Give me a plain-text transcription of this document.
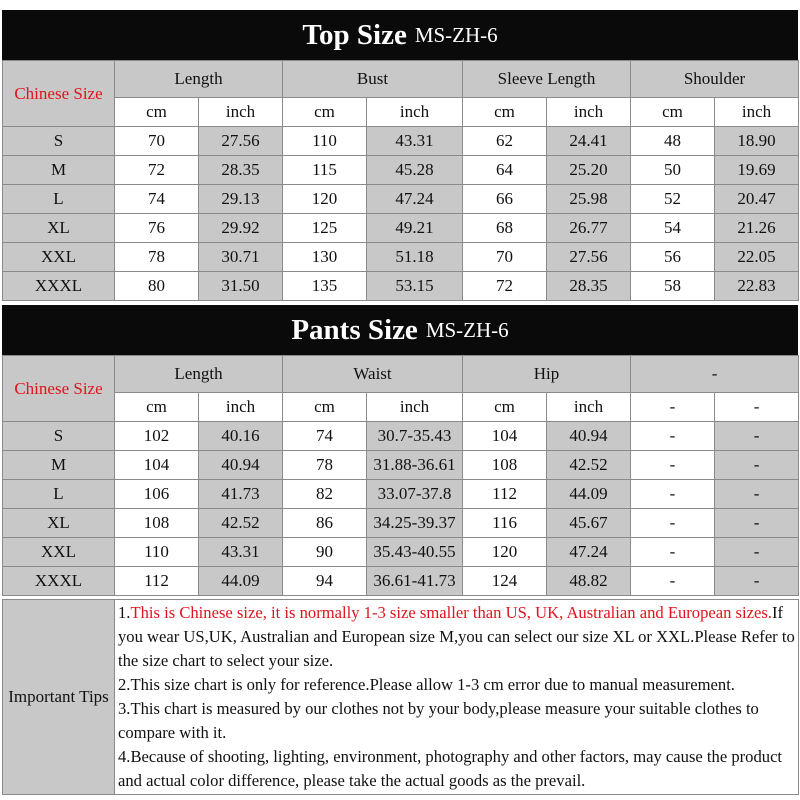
Top Size MS-ZH-6
Chinese Size	Length		Bust		Sleeve Length		Shoulder	
	cm	inch	cm	inch	cm	inch	cm	inch
S	70	27.56	110	43.31	62	24.41	48	18.90
M	72	28.35	115	45.28	64	25.20	50	19.69
L	74	29.13	120	47.24	66	25.98	52	20.47
XL	76	29.92	125	49.21	68	26.77	54	21.26
XXL	78	30.71	130	51.18	70	27.56	56	22.05
XXXL	80	31.50	135	53.15	72	28.35	58	22.83
Pants Size MS-ZH-6
Chinese Size	Length		Waist		Hip		-	
	cm	inch	cm	inch	cm	inch	-	-
S	102	40.16	74	30.7-35.43	104	40.94	-	-
M	104	40.94	78	31.88-36.61	108	42.52	-	-
L	106	41.73	82	33.07-37.8	112	44.09	-	-
XL	108	42.52	86	34.25-39.37	116	45.67	-	-
XXL	110	43.31	90	35.43-40.55	120	47.24	-	-
XXXL	112	44.09	94	36.61-41.73	124	48.82	-	-
Important Tips	
1.This is Chinese size, it is normally 1-3 size smaller than US, UK, Australian and European sizes.If you wear US,UK, Australian and European size M,you can select our size XL or XXL.Please Refer to the size chart to select your size.
2.This size chart is only for reference.Please allow 1-3 cm error due to manual measurement.
3.This chart is measured by our clothes not by your body,please measure your suitable clothes to compare with it.
4.Because of shooting, lighting, environment, photography and other factors, may cause the product and actual color difference, please take the actual goods as the prevail.
